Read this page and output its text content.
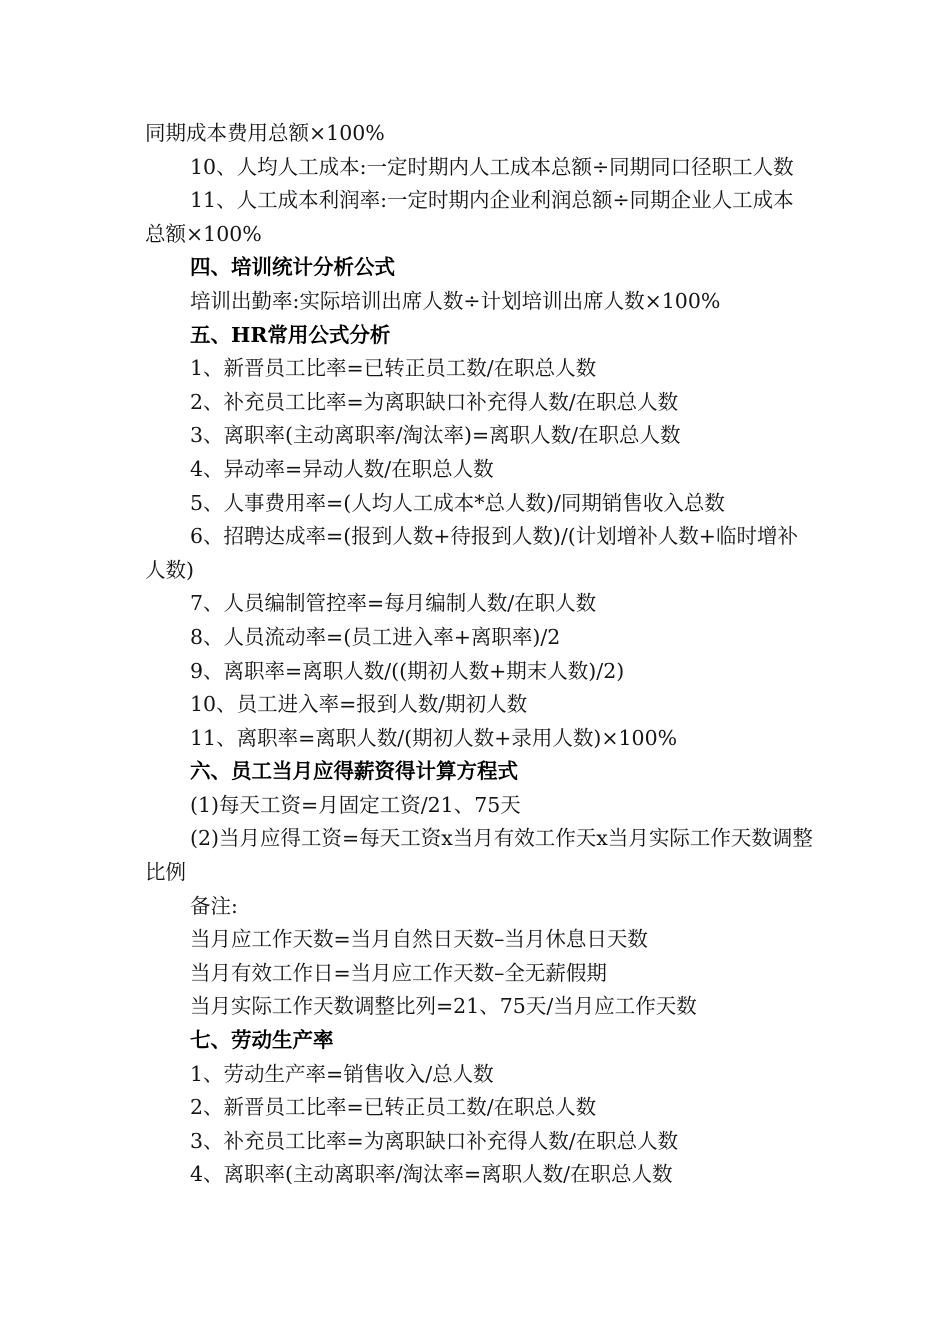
同期成本费用总额×100%

10、人均人工成本:一定时期内人工成本总额÷同期同口径职工人数

11、人工成本利润率:一定时期内企业利润总额÷同期企业人工成本总额×100%

四、培训统计分析公式

培训出勤率:实际培训出席人数÷计划培训出席人数×100%

五、HR常用公式分析

1、新晋员工比率=已转正员工数/在职总人数

2、补充员工比率=为离职缺口补充得人数/在职总人数

3、离职率(主动离职率/淘汰率)=离职人数/在职总人数

4、异动率=异动人数/在职总人数

5、人事费用率=(人均人工成本*总人数)/同期销售收入总数

6、招聘达成率=(报到人数+待报到人数)/(计划增补人数+临时增补人数)

7、人员编制管控率=每月编制人数/在职人数

8、人员流动率=(员工进入率+离职率)/2

9、离职率=离职人数/((期初人数+期末人数)/2)

10、员工进入率=报到人数/期初人数

11、离职率=离职人数/(期初人数+录用人数)×100%

六、员工当月应得薪资得计算方程式

(1)每天工资=月固定工资/21、75天

(2)当月应得工资=每天工资x当月有效工作天x当月实际工作天数调整比例

备注:

当月应工作天数=当月自然日天数–当月休息日天数

当月有效工作日=当月应工作天数–全无薪假期

当月实际工作天数调整比列=21、75天/当月应工作天数

七、劳动生产率

1、劳动生产率=销售收入/总人数

2、新晋员工比率=已转正员工数/在职总人数

3、补充员工比率=为离职缺口补充得人数/在职总人数

4、离职率(主动离职率/淘汰率=离职人数/在职总人数
